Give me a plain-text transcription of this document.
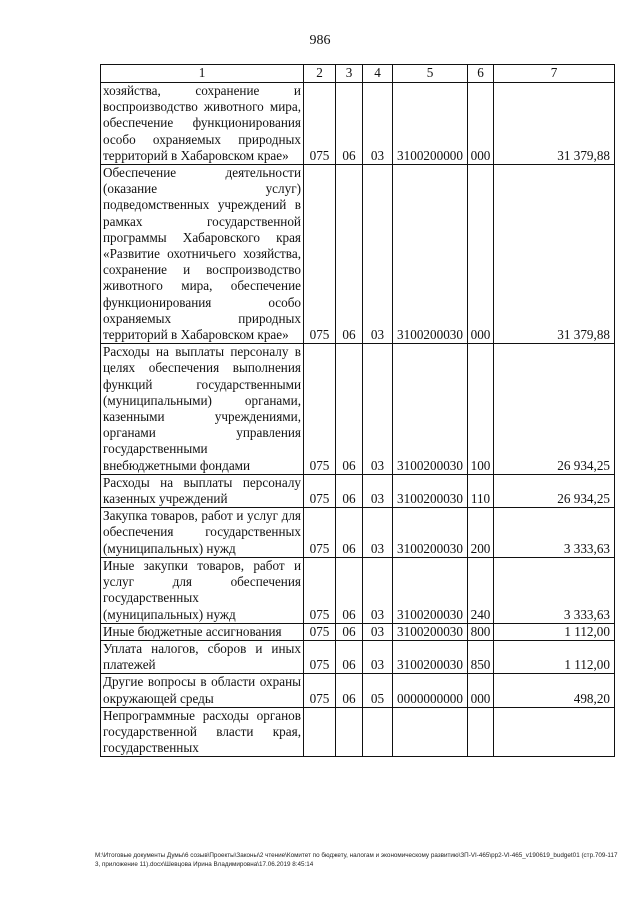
986
1	2	3	4	5	6	7
хозяйства, сохранение и воспроизводство животного мира, обеспечение функционирования особо охраняемых природных территорий в Хабаровском крае»	075	06	03	3100200000	000	31 379,88
Обеспечение деятельности (оказание услуг) подведомственных учреждений в рамках государственной программы Хабаровского края «Развитие охотничьего хозяйства, сохранение и воспроизводство животного мира, обеспечение функционирования особо охраняемых природных территорий в Хабаровском крае»	075	06	03	3100200030	000	31 379,88
Расходы на выплаты персоналу в целях обеспечения выполнения функций государственными (муниципальными) органами, казенными учреждениями, органами управления государственными внебюджетными фондами	075	06	03	3100200030	100	26 934,25
Расходы на выплаты персоналу казенных учреждений	075	06	03	3100200030	110	26 934,25
Закупка товаров, работ и услуг для обеспечения государственных (муниципальных) нужд	075	06	03	3100200030	200	3 333,63
Иные закупки товаров, работ и услуг для обеспечения государственных (муниципальных) нужд	075	06	03	3100200030	240	3 333,63
Иные бюджетные ассигнования	075	06	03	3100200030	800	1 112,00
Уплата налогов, сборов и иных платежей	075	06	03	3100200030	850	1 112,00
Другие вопросы в области охраны окружающей среды	075	06	05	0000000000	000	498,20
Непрограммные расходы органов государственной власти края, государственных						
M:\Итоговые документы Думы\6 созыв\Проекты\Законы\2 чтение\Комитет по бюджету, налогам и экономическому развитию\ЗП-VI-465\pp2-VI-465_v190619_budget01 (стр.709-1173, приложение 11).docx\Шевцова Ирина Владимировна\17.06.2019 8:45:14
